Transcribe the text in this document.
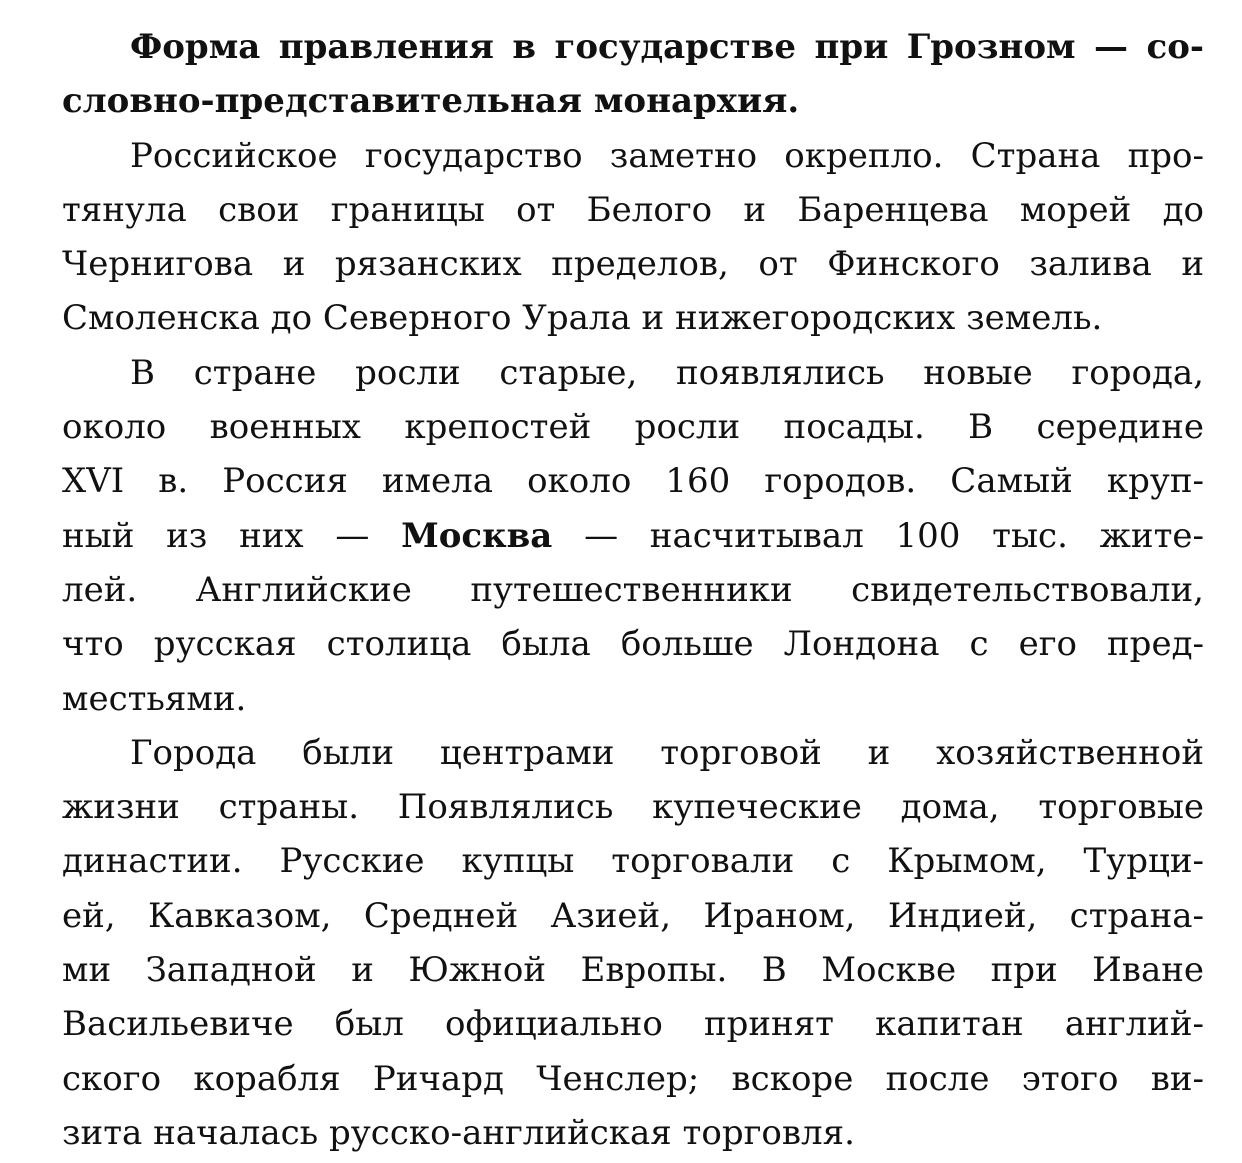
Форма правления в государстве при Грозном — со-
словно-представительная монархия.
Российское государство заметно окрепло. Страна про-
тянула свои границы от Белого и Баренцева морей до
Чернигова и рязанских пределов, от Финского залива и
Смоленска до Северного Урала и нижегородских земель.
В стране росли старые, появлялись новые города,
около военных крепостей росли посады. В середине
XVI в. Россия имела около 160 городов. Самый круп-
ный из них — Москва — насчитывал 100 тыс. жите-
лей. Английские путешественники свидетельствовали,
что русская столица была больше Лондона с его пред-
местьями.
Города были центрами торговой и хозяйственной
жизни страны. Появлялись купеческие дома, торговые
династии. Русские купцы торговали с Крымом, Турци-
ей, Кавказом, Средней Азией, Ираном, Индией, страна-
ми Западной и Южной Европы. В Москве при Иване
Васильевиче был официально принят капитан англий-
ского корабля Ричард Ченслер; вскоре после этого ви-
зита началась русско-английская торговля.
